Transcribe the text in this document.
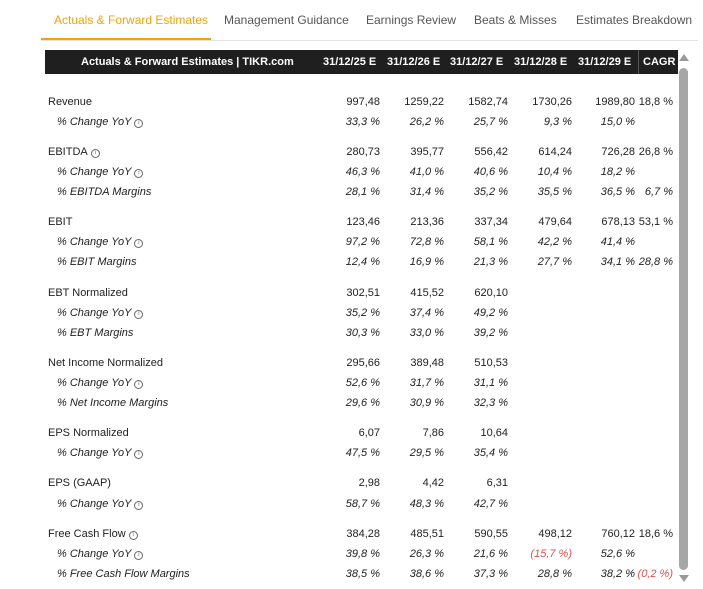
Actuals & Forward Estimates Management Guidance Earnings Review Beats & Misses Estimates Breakdown
Actuals & Forward Estimates | TIKR.com	31/12/25 E 31/12/26 E 31/12/27 E 31/12/28 E 31/12/29 E CAGR
Revenue	997,48 1259,22 1582,74 1730,26 1989,80 18,8 %
% Change YoY i	33,3 %	26,2 %	25,7 %	9,3 %	15,0 %
EBITDA i	280,73	395,77	556,42	614,24	726,28 26,8 %
% Change YoY i	46,3 %	41,0 %	40,6 %	10,4 %	18,2 %
% EBITDA Margins	28,1 %	31,4 %	35,2 %	35,5 %	36,5 % 6,7 %
EBIT	123,46	213,36	337,34	479,64	678,13 53,1 %
% Change YoY i	97,2 %	72,8 %	58,1 %	42,2 %	41,4 %
% EBIT Margins	12,4 %	16,9 %	21,3 %	27,7 %	34,1 % 28,8 %
EBT Normalized	302,51	415,52	620,10
% Change YoY i	35,2 %	37,4 %	49,2 %
% EBT Margins	30,3 %	33,0 %	39,2 %
Net Income Normalized	295,66	389,48	510,53
% Change YoY i	52,6 %	31,7 %	31,1 %
% Net Income Margins	29,6 %	30,9 %	32,3 %
EPS Normalized	6,07	7,86	10,64
% Change YoY i	47,5 %	29,5 %	35,4 %
EPS (GAAP)	2,98	4,42	6,31
% Change YoY i	58,7 %	48,3 %	42,7 %
Free Cash Flow i	384,28	485,51	590,55	498,12	760,12 18,6 %
% Change YoY i	39,8 %	26,3 %	21,6 % (15,7 %)	52,6 %
% Free Cash Flow Margins	38,5 %	38,6 %	37,3 %	28,8 %	38,2 % (0,2 %)
